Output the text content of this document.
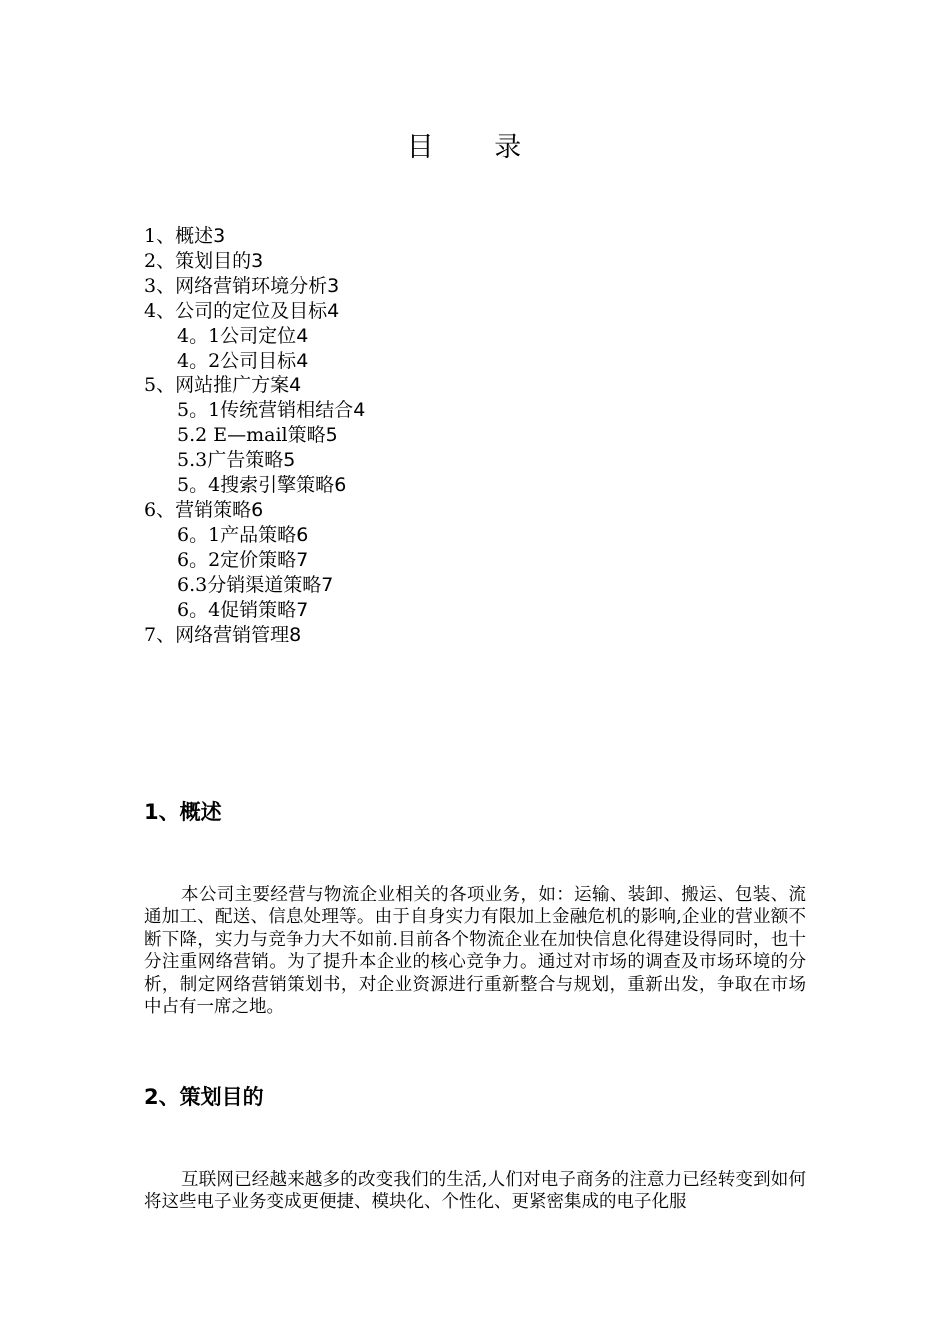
目 录
1、概述3
2、策划目的3
3、网络营销环境分析3
4、公司的定位及目标4
4。1公司定位4
4。2公司目标4
5、网站推广方案4
5。1传统营销相结合4
5.2 E—mail策略5
5.3广告策略5
5。4搜索引擎策略6
6、营销策略6
6。1产品策略6
6。2定价策略7
6.3分销渠道策略7
6。4促销策略7
7、网络营销管理8
1、概述

本公司主要经营与物流企业相关的各项业务，如：运输、装卸、搬运、包装、流通加工、配送、信息处理等。由于自身实力有限加上金融危机的影响,企业的营业额不断下降，实力与竞争力大不如前.目前各个物流企业在加快信息化得建设得同时，也十分注重网络营销。为了提升本企业的核心竞争力。通过对市场的调查及市场环境的分析，制定网络营销策划书，对企业资源进行重新整合与规划，重新出发，争取在市场中占有一席之地。

2、策划目的

互联网已经越来越多的改变我们的生活,人们对电子商务的注意力已经转变到如何将这些电子业务变成更便捷、模块化、个性化、更紧密集成的电子化服
